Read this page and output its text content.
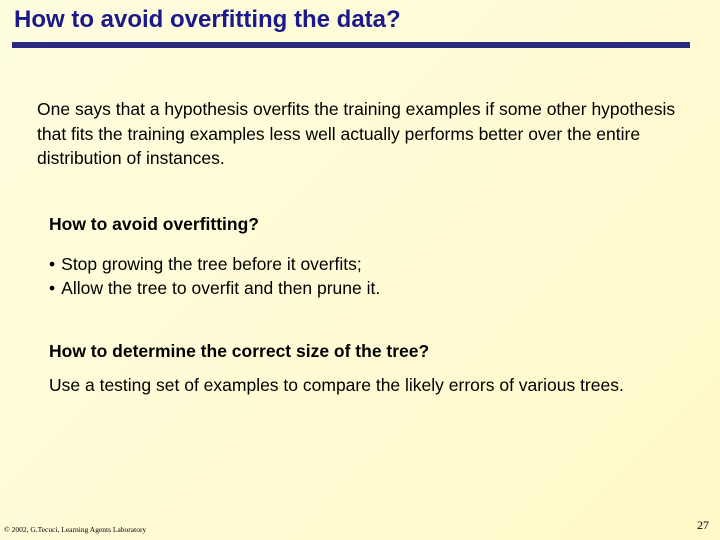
How to avoid overfitting the data?
One says that a hypothesis overfits the training examples if some other hypothesis that fits the training examples less well actually performs better over the entire distribution of instances.
How to avoid overfitting?
• Stop growing the tree before it overfits;
• Allow the tree to overfit and then prune it.
How to determine the correct size of the tree?
Use a testing set of examples to compare the likely errors of various trees.
© 2002, G.Tecuci, Learning Agents Laboratory	27
